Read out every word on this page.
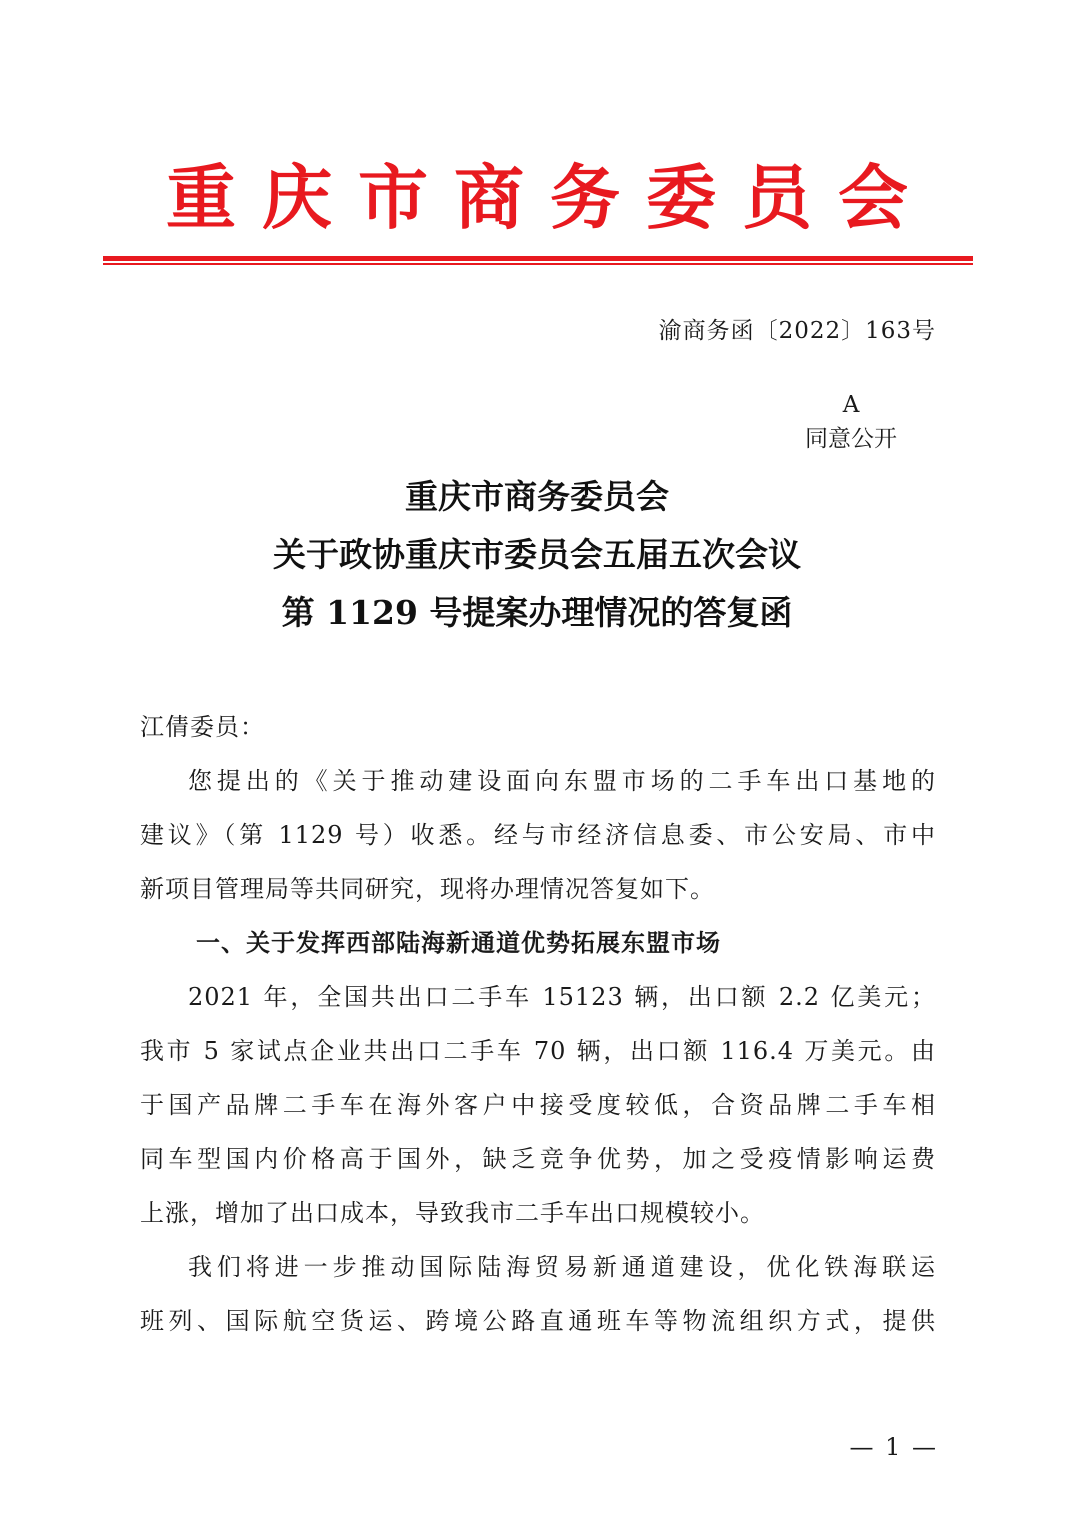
重庆市商务委员会
渝商务函〔2022〕163号
A
同意公开
重庆市商务委员会
关于政协重庆市委员会五届五次会议
第 1129 号提案办理情况的答复函

江倩委员：

您提出的《关于推动建设面向东盟市场的二手车出口基地的

建议》（第 1129 号）收悉。经与市经济信息委、市公安局、市中

新项目管理局等共同研究，现将办理情况答复如下。

一、关于发挥西部陆海新通道优势拓展东盟市场

2021 年，全国共出口二手车 15123 辆，出口额 2.2 亿美元；

我市 5 家试点企业共出口二手车 70 辆，出口额 116.4 万美元。由

于国产品牌二手车在海外客户中接受度较低，合资品牌二手车相

同车型国内价格高于国外，缺乏竞争优势，加之受疫情影响运费

上涨，增加了出口成本，导致我市二手车出口规模较小。

我们将进一步推动国际陆海贸易新通道建设，优化铁海联运

班列、国际航空货运、跨境公路直通班车等物流组织方式，提供

— 1 —
